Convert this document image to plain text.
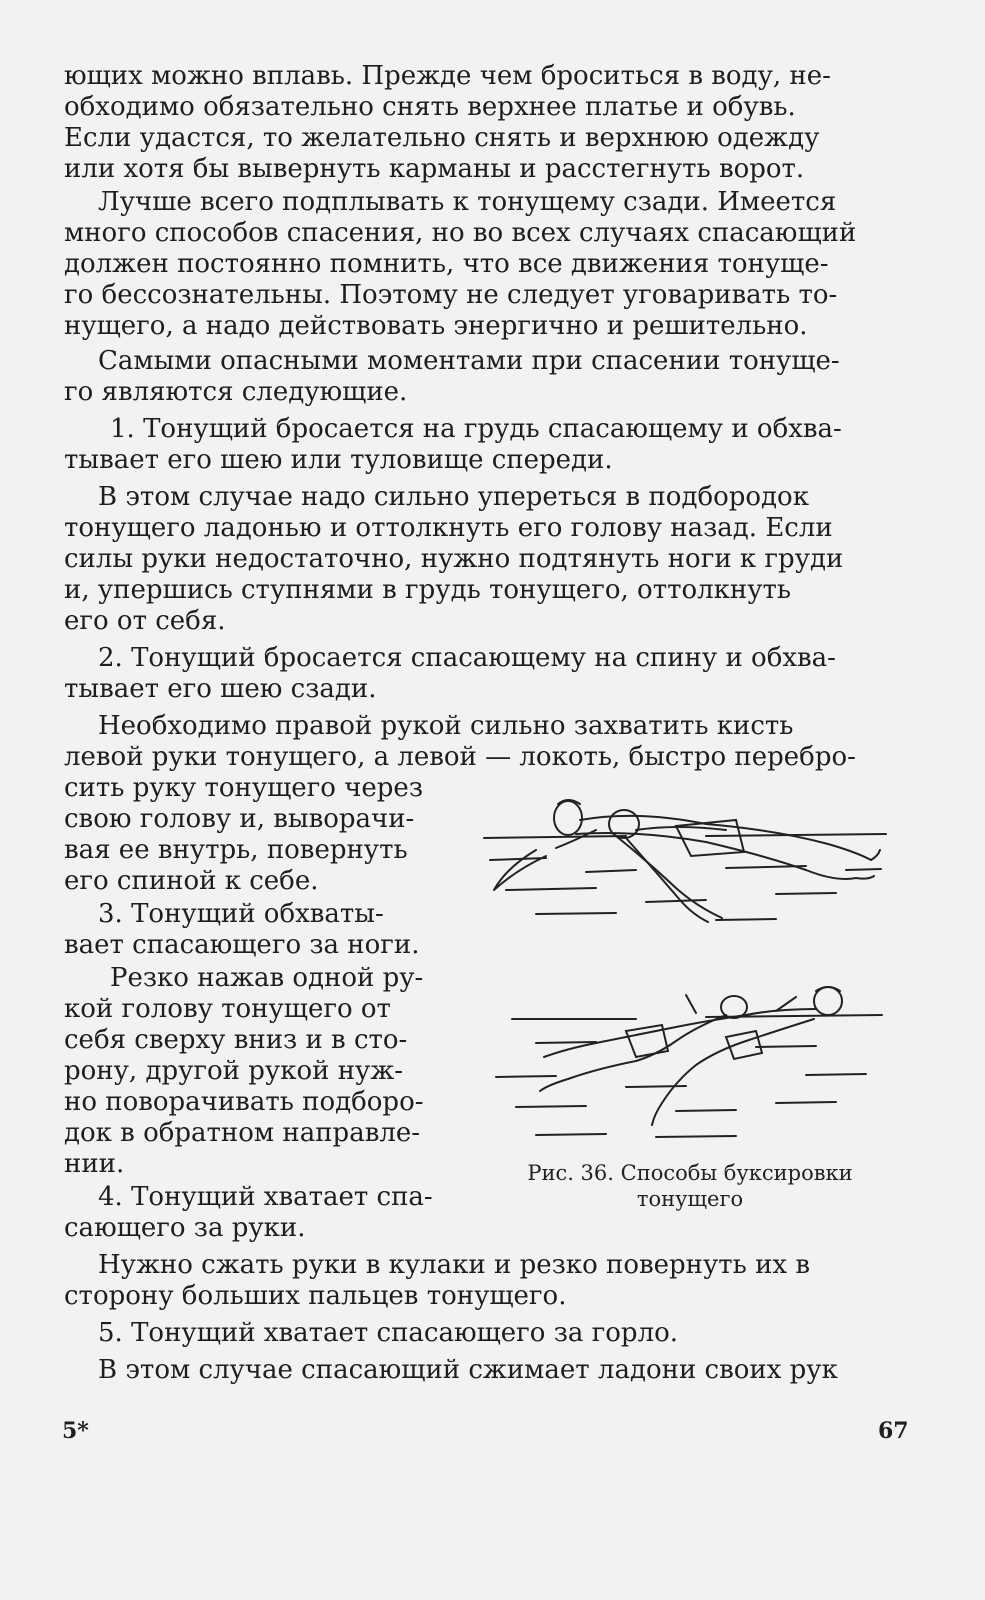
ющих можно вплавь. Прежде чем броситься в воду, не-
обходимо обязательно снять верхнее платье и обувь.
Если удастся, то желательно снять и верхнюю одежду
или хотя бы вывернуть карманы и расстегнуть ворот.
Лучше всего подплывать к тонущему сзади. Имеется
много способов спасения, но во всех случаях спасающий
должен постоянно помнить, что все движения тонуще-
го бессознательны. Поэтому не следует уговаривать то-
нущего, а надо действовать энергично и решительно.
Самыми опасными моментами при спасении тонуще-
го являются следующие.
1. Тонущий бросается на грудь спасающему и обхва-
тывает его шею или туловище спереди.
В этом случае надо сильно упереться в подбородок
тонущего ладонью и оттолкнуть его голову назад. Если
силы руки недостаточно, нужно подтянуть ноги к груди
и, упершись ступнями в грудь тонущего, оттолкнуть
его от себя.
2. Тонущий бросается спасающему на спину и обхва-
тывает его шею сзади.
Необходимо правой рукой сильно захватить кисть
левой руки тонущего, а левой — локоть, быстро перебро-
сить руку тонущего через
свою голову и, выворачи-
вая ее внутрь, повернуть
его спиной к себе.
3. Тонущий обхваты-
вает спасающего за ноги.
Резко нажав одной ру-
кой голову тонущего от
себя сверху вниз и в сто-
рону, другой рукой нуж-
но поворачивать подборо-
док в обратном направле-
нии.
4. Тонущий хватает спа-
сающего за руки.
Нужно сжать руки в кулаки и резко повернуть их в
сторону больших пальцев тонущего.
5. Тонущий хватает спасающего за горло.
В этом случае спасающий сжимает ладони своих рук
Рис. 36. Способы буксировки
тонущего
5*	67
